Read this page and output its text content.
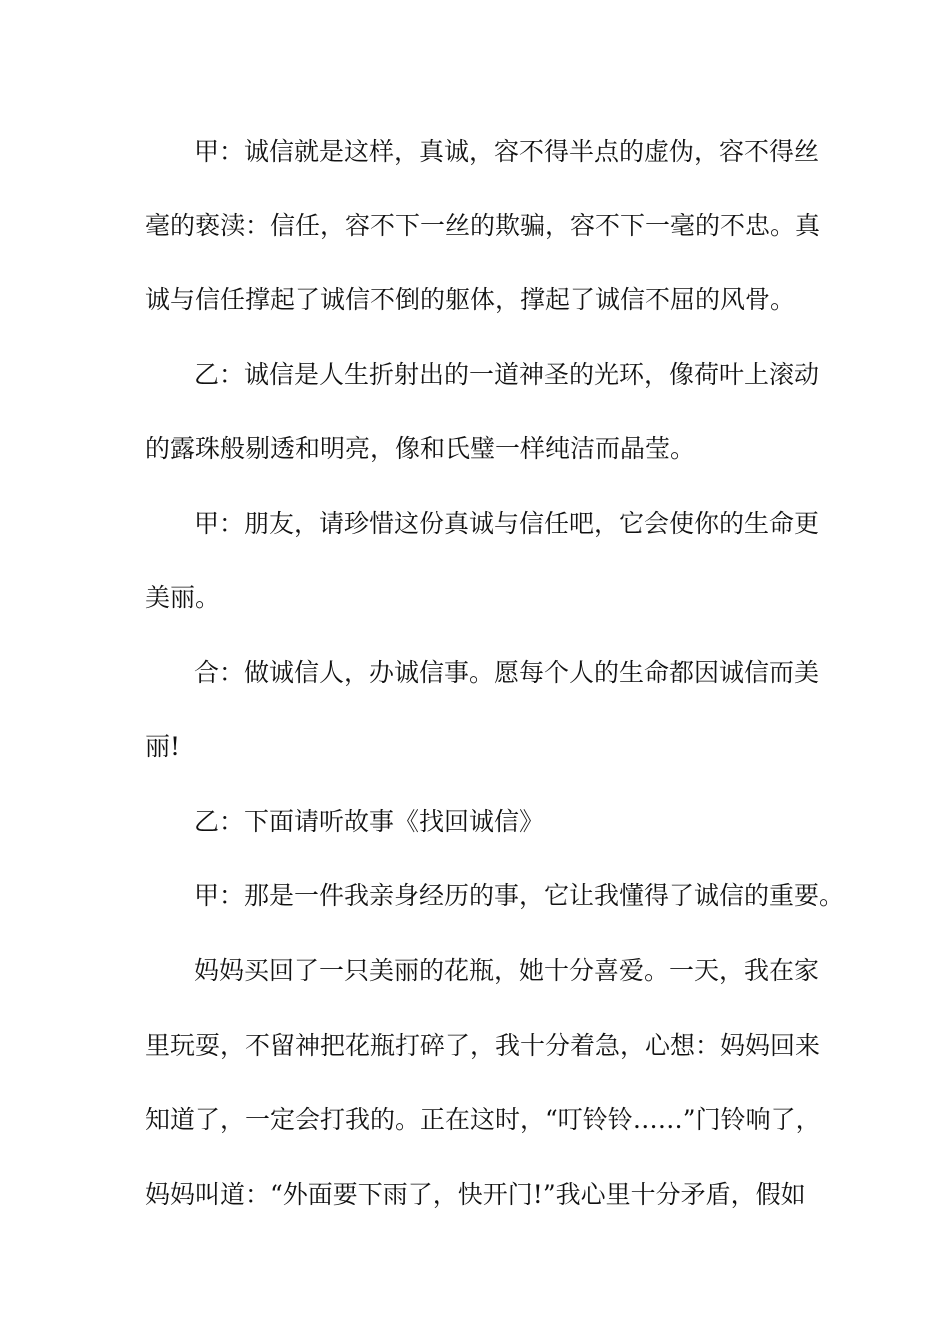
甲：诚信就是这样，真诚，容不得半点的虚伪，容不得丝
毫的亵渎：信任，容不下一丝的欺骗，容不下一毫的不忠。真
诚与信任撑起了诚信不倒的躯体，撑起了诚信不屈的风骨。
乙：诚信是人生折射出的一道神圣的光环，像荷叶上滚动
的露珠般剔透和明亮，像和氏璧一样纯洁而晶莹。
甲：朋友，请珍惜这份真诚与信任吧，它会使你的生命更
美丽。
合：做诚信人，办诚信事。愿每个人的生命都因诚信而美
丽!
乙：下面请听故事《找回诚信》
甲：那是一件我亲身经历的事，它让我懂得了诚信的重要。
妈妈买回了一只美丽的花瓶，她十分喜爱。一天，我在家
里玩耍，不留神把花瓶打碎了，我十分着急，心想：妈妈回来
知道了，一定会打我的。正在这时，“叮铃铃……”门铃响了，
妈妈叫道：“外面要下雨了，快开门!”我心里十分矛盾，假如
